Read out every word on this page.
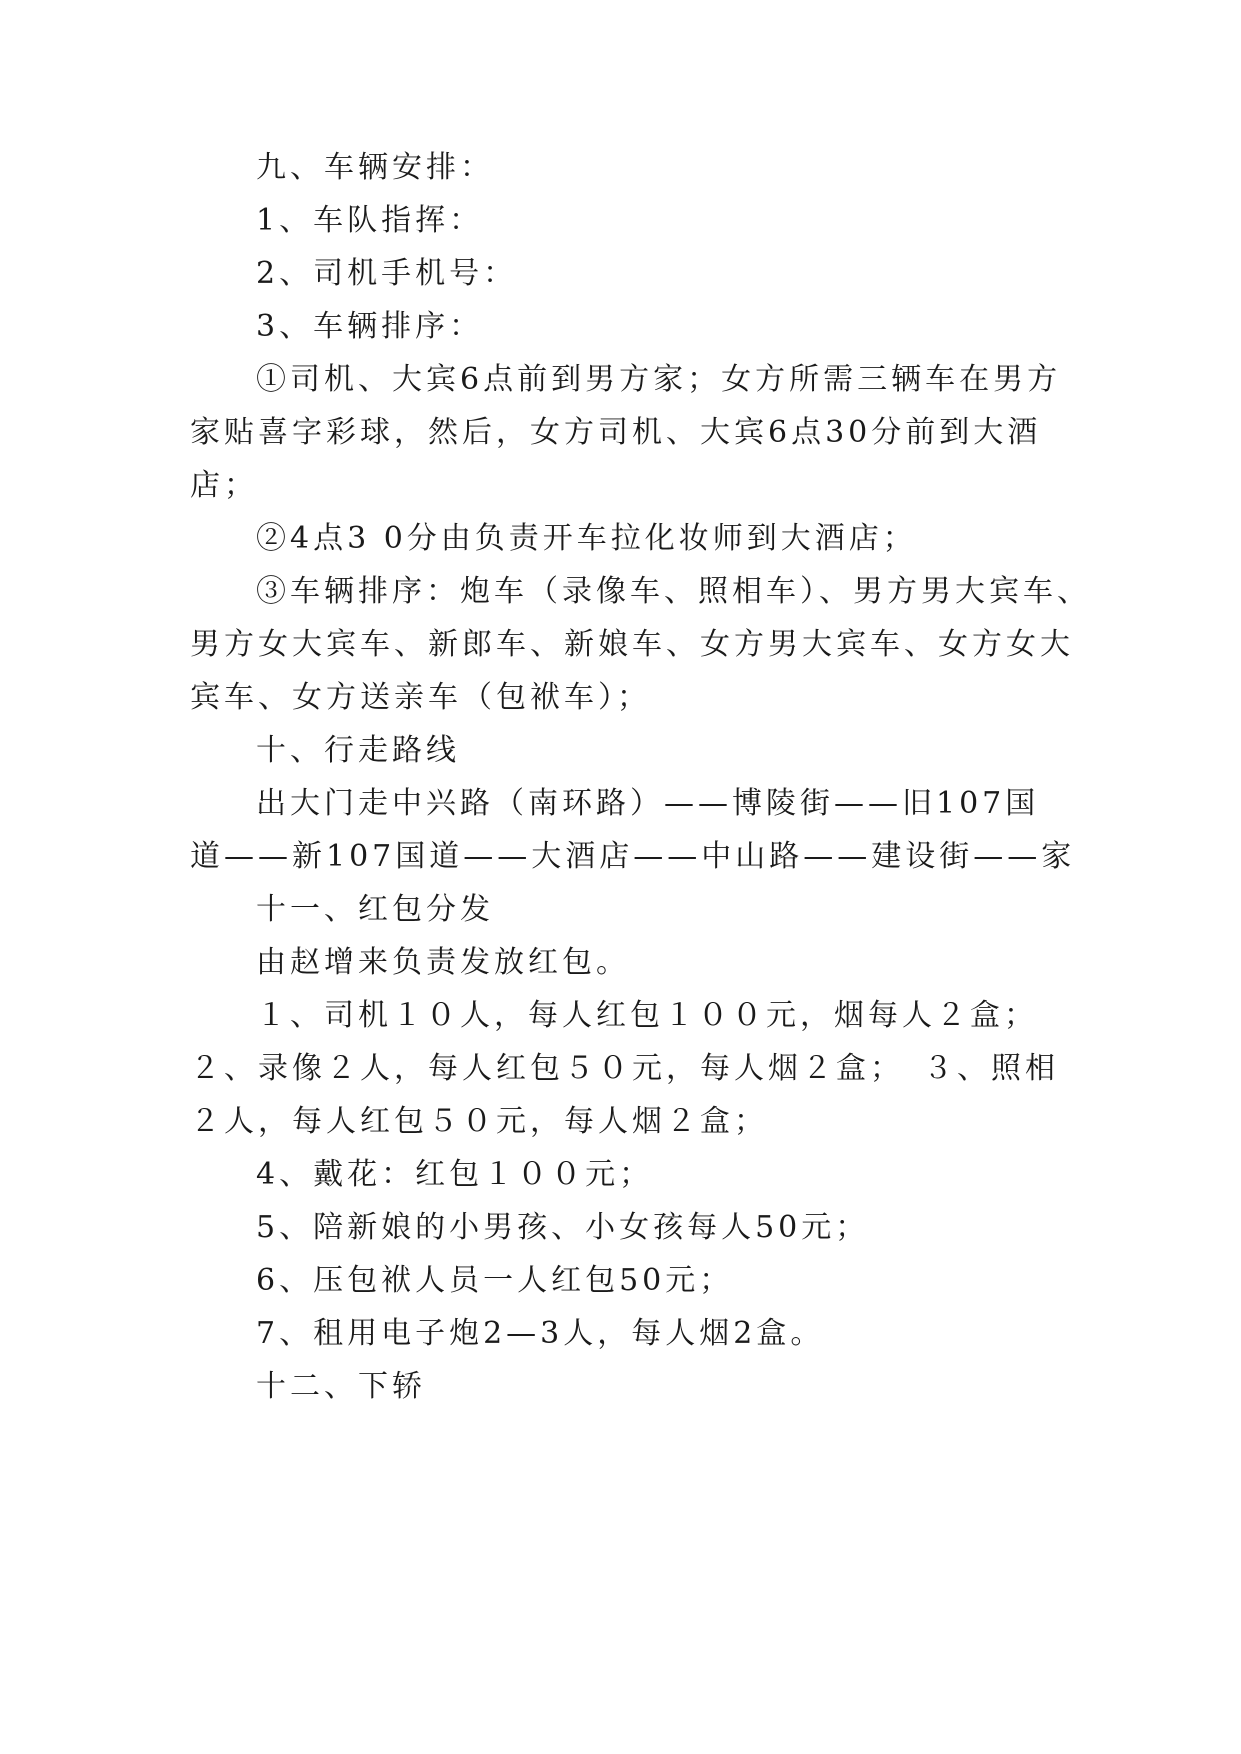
九、车辆安排：
1、车队指挥：
2、司机手机号：
3、车辆排序：
①司机、大宾6点前到男方家；女方所需三辆车在男方
家贴喜字彩球，然后，女方司机、大宾6点30分前到大酒
店；
②4点3 0分由负责开车拉化妆师到大酒店；
③车辆排序：炮车（录像车、照相车）、男方男大宾车、
男方女大宾车、新郎车、新娘车、女方男大宾车、女方女大
宾车、女方送亲车（包袱车）；
十、行走路线
出大门走中兴路（南环路）——博陵街——旧107国
道——新107国道——大酒店——中山路——建设街——家
十一、红包分发
由赵增来负责发放红包。
１、司机１０人，每人红包１００元，烟每人２盒；
２、录像２人，每人红包５０元，每人烟２盒；　３、照相
２人，每人红包５０元，每人烟２盒；
4、戴花：红包１００元；
5、陪新娘的小男孩、小女孩每人50元；
6、压包袱人员一人红包50元；
7、租用电子炮2—3人，每人烟2盒。
十二、下轿
